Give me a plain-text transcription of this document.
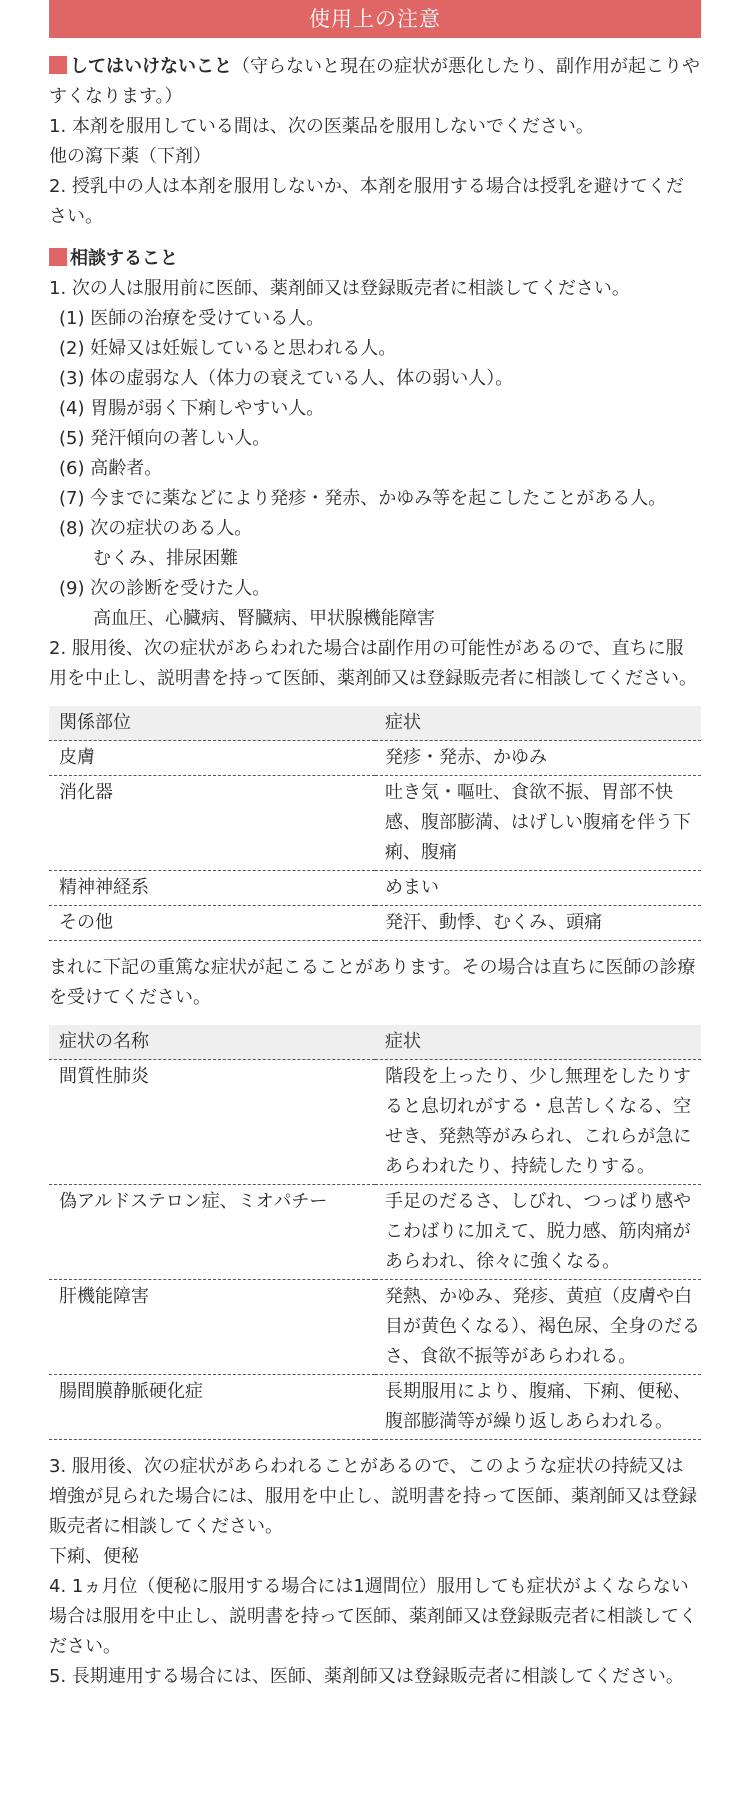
使用上の注意

してはいけないこと（守らないと現在の症状が悪化したり、副作用が起こりやすくなります。）

1. 本剤を服用している間は、次の医薬品を服用しないでください。

他の瀉下薬（下剤）

2. 授乳中の人は本剤を服用しないか、本剤を服用する場合は授乳を避けてください。

相談すること

1. 次の人は服用前に医師、薬剤師又は登録販売者に相談してください。

(1) 医師の治療を受けている人。

(2) 妊婦又は妊娠していると思われる人。

(3) 体の虚弱な人（体力の衰えている人、体の弱い人）。

(4) 胃腸が弱く下痢しやすい人。

(5) 発汗傾向の著しい人。

(6) 高齢者。

(7) 今までに薬などにより発疹・発赤、かゆみ等を起こしたことがある人。

(8) 次の症状のある人。

むくみ、排尿困難

(9) 次の診断を受けた人。

高血圧、心臓病、腎臓病、甲状腺機能障害

2. 服用後、次の症状があらわれた場合は副作用の可能性があるので、直ちに服用を中止し、説明書を持って医師、薬剤師又は登録販売者に相談してください。

関係部位	症状
皮膚	発疹・発赤、かゆみ
消化器	吐き気・嘔吐、食欲不振、胃部不快感、腹部膨満、はげしい腹痛を伴う下痢、腹痛
精神神経系	めまい
その他	発汗、動悸、むくみ、頭痛

まれに下記の重篤な症状が起こることがあります。その場合は直ちに医師の診療を受けてください。

症状の名称	症状
間質性肺炎	階段を上ったり、少し無理をしたりすると息切れがする・息苦しくなる、空せき、発熱等がみられ、これらが急にあらわれたり、持続したりする。
偽アルドステロン症、ミオパチー	手足のだるさ、しびれ、つっぱり感やこわばりに加えて、脱力感、筋肉痛があらわれ、徐々に強くなる。
肝機能障害	発熱、かゆみ、発疹、黄疸（皮膚や白目が黄色くなる）、褐色尿、全身のだるさ、食欲不振等があらわれる。
腸間膜静脈硬化症	長期服用により、腹痛、下痢、便秘、腹部膨満等が繰り返しあらわれる。

3. 服用後、次の症状があらわれることがあるので、このような症状の持続又は増強が見られた場合には、服用を中止し、説明書を持って医師、薬剤師又は登録販売者に相談してください。

下痢、便秘

4. 1ヵ月位（便秘に服用する場合には1週間位）服用しても症状がよくならない場合は服用を中止し、説明書を持って医師、薬剤師又は登録販売者に相談してください。

5. 長期連用する場合には、医師、薬剤師又は登録販売者に相談してください。
